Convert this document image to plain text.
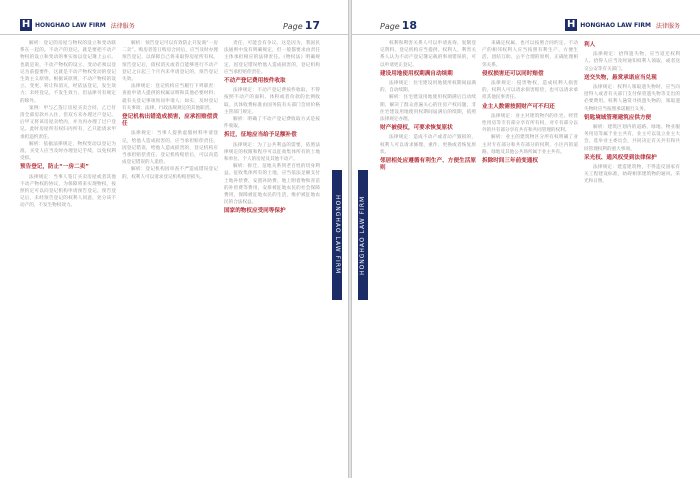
H HONGHAO LAW FIRM 法律服务	Page 17

解析：登记的房屋与物权的设立和变动联系在一起的。不动产的登记，就是要把不动产物权的设立和变动的事实加以登记簿上公示。也就是说，不动产物权的设立、变动必须以登记为前提要件，这就是不动产物权变动的登记生效主义原则。根据该原则，不动产物权的设立、变更、转让和消灭，经依法登记，发生效力；未经登记，不发生效力，但法律另有规定的除外。

案例：甲与乙签订房屋买卖合同，乙已付清全部房款并入住，但双方未办理过户登记。后甲又将该房屋卖给丙，并为丙办理了过户登记。此时房屋所有权归丙所有，乙只能请求甲承担违约责任。

解析：依据法律规定，物权变动以登记为准，买受人应当及时办理登记手续，以免权利受损。

预告登记，防止“一房二卖”

法律规定：当事人签订买卖房屋或者其他不动产物权的协议，为保障将来实现物权，按照约定可以向登记机构申请预告登记。预告登记后，未经预告登记的权利人同意，处分该不动产的，不发生物权效力。

解析：预告登记可以有效防止开发商“一房二卖”。购房者签订购房合同后，应当及时办理预告登记，以保障自己将来取得房屋所有权。预告登记后，债权消灭或者自能够进行不动产登记之日起三个月内未申请登记的，预告登记失效。

法律规定：登记机构应当履行下列职责：查验申请人提供的权属证明和其他必要材料；就有关登记事项询问申请人；如实、及时登记有关事项；法律、行政法规规定的其他职责。

登记机构出错造成损害，应承担赔偿责任

法律规定：当事人提供虚假材料申请登记，给他人造成损害的，应当承担赔偿责任。因登记错误，给他人造成损害的，登记机构应当承担赔偿责任。登记机构赔偿后，可以向造成登记错误的人追偿。

解析：登记机构因审查不严造成错误登记的，权利人可以请求登记机构赔偿损失。

责任，可能会有争议。这是因为，我国民法通则中没有明确规定，但一般都要求由责任主体承担相应的法律责任。《物权法》明确规定，因登记错误给他人造成损害的，登记机构应当承担赔偿责任。

不动产登记费用按件收取

法律规定：不动产登记费按件收取，不得按照不动产的面积、体积或者价款的比例收取。具体收费标准由国务院有关部门会同价格主管部门规定。

解析：明确了不动产登记费收取方式是按件收取。

拆迁，征地应当给予足额补偿

法律规定：为了公共利益的需要，依照法律规定的权限和程序可以征收集体所有的土地和单位、个人的房屋及其他不动产。

解析：拆迁、征地关系到老百姓的切身利益。征收集体所有的土地，应当依法足额支付土地补偿费、安置补助费、地上附着物和青苗的补偿费等费用，安排被征地农民的社会保障费用，保障被征地农民的生活，维护被征地农民的合法权益。

国家的物权应受同等保护	HONGHAO LAW FIRM
Page 18	H HONGHAO LAW FIRM 法律服务

权利和利害关系人可以申请查询、复制登记资料，登记机构应当提供。权利人、利害关系人认为不动产登记簿记载的事项错误的，可以申请更正登记。

建设用地使用权期满自动续期

法律规定：住宅建设用地使用权期间届满的，自动续期。

解析：住宅建设用地使用权期满后自动续期，解决了群众普遍关心的住房产权问题。非住宅建设用地使用权期间届满后的续期，依照法律规定办理。

财产被侵权，可要求恢复原状

法律规定：造成不动产或者动产毁损的，权利人可以请求修理、重作、更换或者恢复原状。

邻居相处应遵循有利生产、方便生活原则

来确定权属，也可以按照合同约定。不动产的相邻权利人应当按照有利生产、方便生活、团结互助、公平合理的原则，正确处理相邻关系。

侵权损害还可以同时赔偿

法律规定：侵害物权，造成权利人损害的，权利人可以请求损害赔偿，也可以请求承担其他民事责任。

业主人数需按照财产可不归还

法律规定：业主对建筑物内的住宅、经营性用房等专有部分享有所有权，对专有部分以外的共有部分享有共有和共同管理的权利。

解析：业主的建筑物区分所有权明确了业主对专有部分和共有部分的权利，小区内的道路、绿地及其他公共场所属于业主共有。

拆除时间三年前变通权
利人

法律规定：拾得遗失物，应当返还权利人。拾得人应当及时通知权利人领取，或者送交公安等有关部门。

送交失物，悬赏承诺应当兑现

法律规定：权利人领取遗失物时，应当向拾得人或者有关部门支付保管遗失物等支出的必要费用。权利人悬赏寻找遗失物的，领取遗失物时应当按照承诺履行义务。

钥匙境域管理建筑应供方便

解析：建筑区划内的道路、绿地、物业服务用房等属于业主共有，业主可以设立业主大会，选举业主委员会，共同决定有关共有和共同管理权利的重大事项。

采光权、通风权受到法律保护

法律规定：建造建筑物，不得违反国家有关工程建设标准，妨碍相邻建筑物的通风、采光和日照。

HONGHAO LAW FIRM
